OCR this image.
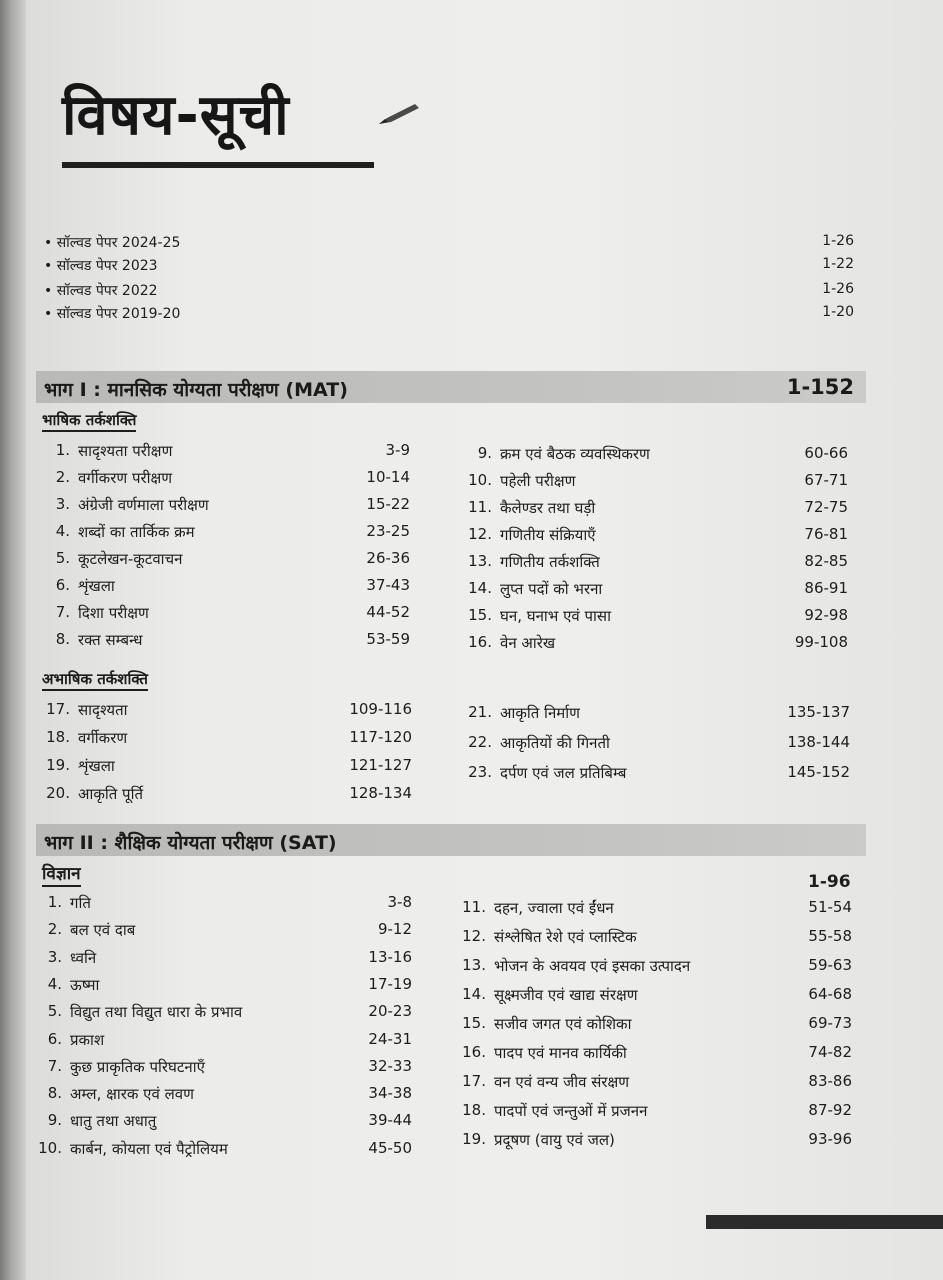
विषय-सूची
• सॉल्वड पेपर 2024-25	1-26
• सॉल्वड पेपर 2023	1-22
• सॉल्वड पेपर 2022	1-26
• सॉल्वड पेपर 2019-20	1-20
भाग I : मानसिक योग्यता परीक्षण (MAT)	1-152
भाषिक तर्कशक्ति
1. सादृश्यता परीक्षण	3-9
2. वर्गीकरण परीक्षण	10-14
3. अंग्रेजी वर्णमाला परीक्षण	15-22
4. शब्दों का तार्किक क्रम	23-25
5. कूटलेखन-कूटवाचन	26-36
6. शृंखला	37-43
7. दिशा परीक्षण	44-52
8. रक्त सम्बन्ध	53-59
9. क्रम एवं बैठक व्यवस्थिकरण	60-66
10. पहेली परीक्षण	67-71
11. कैलेण्डर तथा घड़ी	72-75
12. गणितीय संक्रियाएँ	76-81
13. गणितीय तर्कशक्ति	82-85
14. लुप्त पदों को भरना	86-91
15. घन, घनाभ एवं पासा	92-98
16. वेन आरेख	99-108
अभाषिक तर्कशक्ति
17. सादृश्यता	109-116
18. वर्गीकरण	117-120
19. शृंखला	121-127
20. आकृति पूर्ति	128-134
21. आकृति निर्माण	135-137
22. आकृतियों की गिनती	138-144
23. दर्पण एवं जल प्रतिबिम्ब	145-152
भाग II : शैक्षिक योग्यता परीक्षण (SAT)
विज्ञान	1-96
1. गति	3-8
2. बल एवं दाब	9-12
3. ध्वनि	13-16
4. ऊष्मा	17-19
5. विद्युत तथा विद्युत धारा के प्रभाव	20-23
6. प्रकाश	24-31
7. कुछ प्राकृतिक परिघटनाएँ	32-33
8. अम्ल, क्षारक एवं लवण	34-38
9. धातु तथा अधातु	39-44
10. कार्बन, कोयला एवं पैट्रोलियम	45-50
11. दहन, ज्वाला एवं ईंधन	51-54
12. संश्लेषित रेशे एवं प्लास्टिक	55-58
13. भोजन के अवयव एवं इसका उत्पादन	59-63
14. सूक्ष्मजीव एवं खाद्य संरक्षण	64-68
15. सजीव जगत एवं कोशिका	69-73
16. पादप एवं मानव कार्यिकी	74-82
17. वन एवं वन्य जीव संरक्षण	83-86
18. पादपों एवं जन्तुओं में प्रजनन	87-92
19. प्रदूषण (वायु एवं जल)	93-96
